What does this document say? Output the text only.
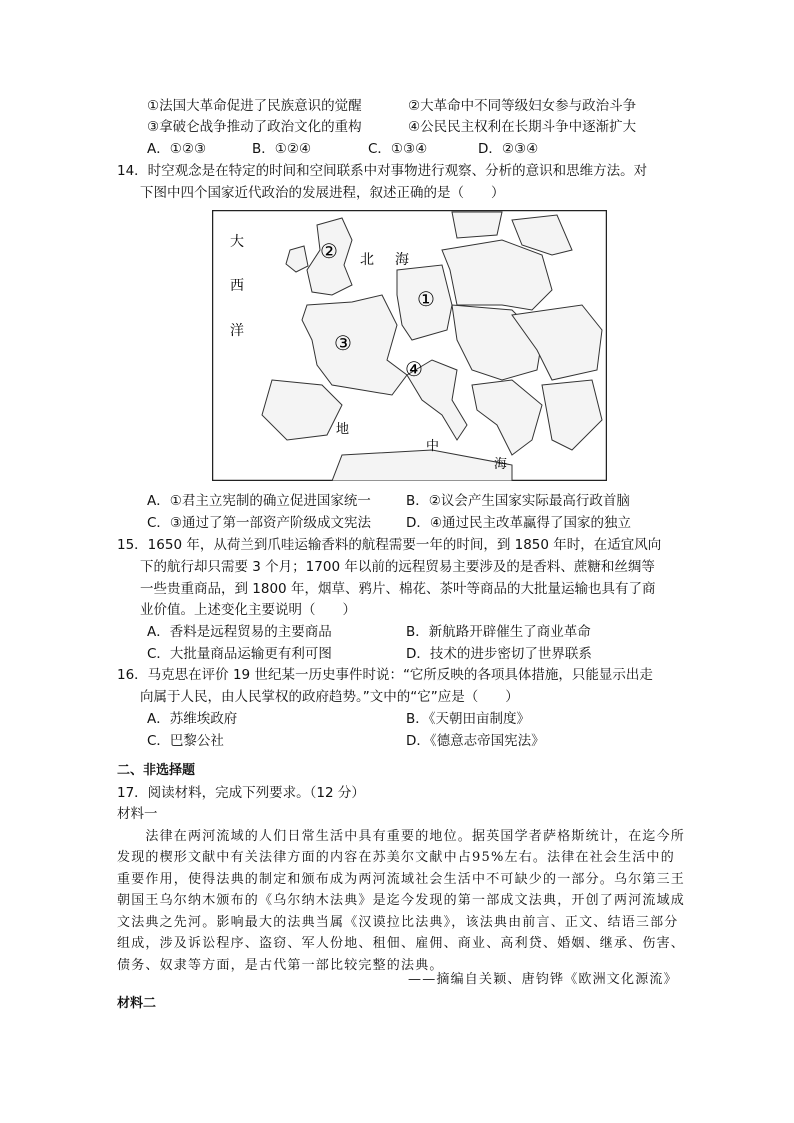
①法国大革命促进了民族意识的觉醒	②大革命中不同等级妇女参与政治斗争
③拿破仑战争推动了政治文化的重构	④公民民主权利在长期斗争中逐渐扩大
A．①②③	B．①②④	C．①③④	D．②③④
14．时空观念是在特定的时间和空间联系中对事物进行观察、分析的意识和思维方法。对
下图中四个国家近代政治的发展进程，叙述正确的是（　　）
大
西
洋
北 海
地
中
海
①
②
③
④
A．①君主立宪制的确立促进国家统一	B．②议会产生国家实际最高行政首脑
C．③通过了第一部资产阶级成文宪法	D．④通过民主改革赢得了国家的独立
15．1650 年，从荷兰到爪哇运输香料的航程需要一年的时间，到 1850 年时，在适宜风向
下的航行却只需要 3 个月；1700 年以前的远程贸易主要涉及的是香料、蔗糖和丝绸等
一些贵重商品，到 1800 年，烟草、鸦片、棉花、茶叶等商品的大批量运输也具有了商
业价值。上述变化主要说明（　　）
A．香料是远程贸易的主要商品	B．新航路开辟催生了商业革命
C．大批量商品运输更有利可图	D．技术的进步密切了世界联系
16．马克思在评价 19 世纪某一历史事件时说：“它所反映的各项具体措施，只能显示出走
向属于人民，由人民掌权的政府趋势。”文中的“它”应是（　　）
A．苏维埃政府	B．《天朝田亩制度》
C．巴黎公社	D．《德意志帝国宪法》
二、非选择题
17．阅读材料，完成下列要求。（12 分）
材料一
　　法律在两河流域的人们日常生活中具有重要的地位。据英国学者萨格斯统计，在迄今所
发现的楔形文献中有关法律方面的内容在苏美尔文献中占95%左右。法律在社会生活中的
重要作用，使得法典的制定和颁布成为两河流域社会生活中不可缺少的一部分。乌尔第三王
朝国王乌尔纳木颁布的《乌尔纳木法典》是迄今发现的第一部成文法典，开创了两河流域成
文法典之先河。影响最大的法典当属《汉谟拉比法典》，该法典由前言、正文、结语三部分
组成，涉及诉讼程序、盗窃、军人份地、租佃、雇佣、商业、高利贷、婚姻、继承、伤害、
债务、奴隶等方面，是古代第一部比较完整的法典。
——摘编自关颖、唐钧铧《欧洲文化源流》
材料二
